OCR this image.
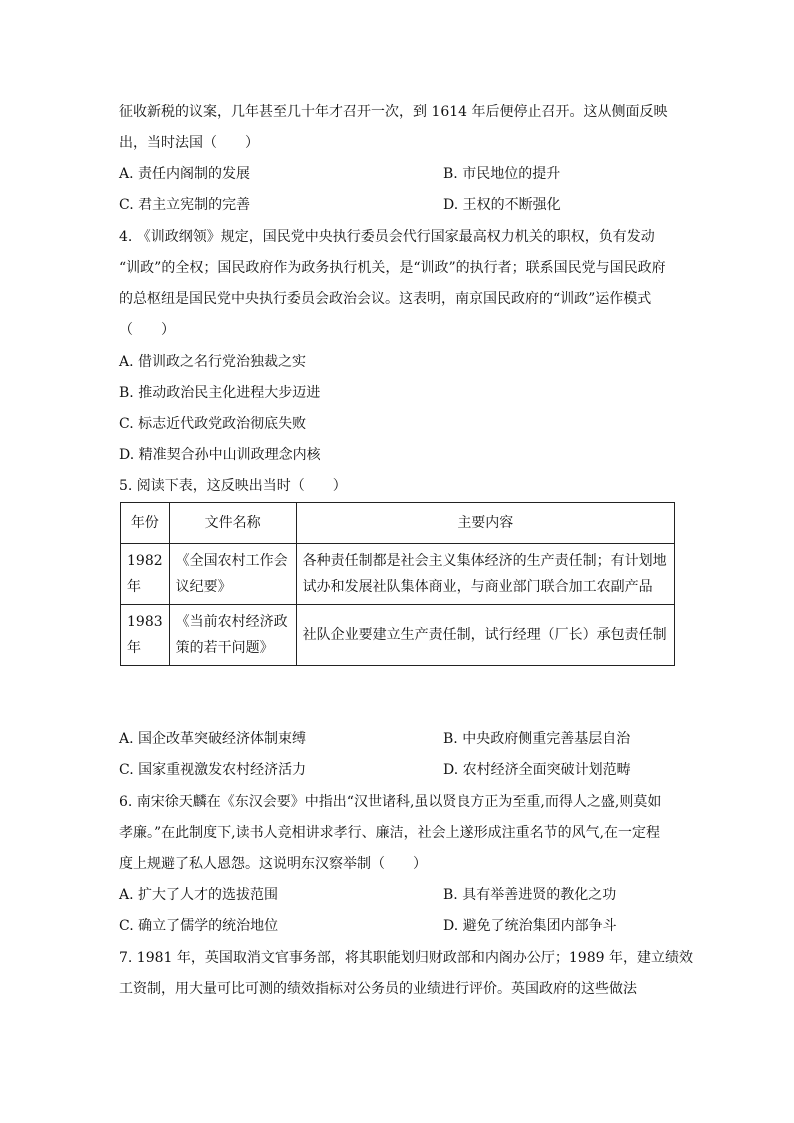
征收新税的议案，几年甚至几十年才召开一次，到 1614 年后便停止召开。这从侧面反映
出，当时法国（　　）
A. 责任内阁制的发展	B. 市民地位的提升
C. 君主立宪制的完善	D. 王权的不断强化
4. 《训政纲领》规定，国民党中央执行委员会代行国家最高权力机关的职权，负有发动
“训政”的全权；国民政府作为政务执行机关，是“训政”的执行者；联系国民党与国民政府
的总枢纽是国民党中央执行委员会政治会议。这表明，南京国民政府的“训政”运作模式
（　　）
A. 借训政之名行党治独裁之实
B. 推动政治民主化进程大步迈进
C. 标志近代政党政治彻底失败
D. 精准契合孙中山训政理念内核
5. 阅读下表，这反映出当时（　　）
年份	文件名称	主要内容
1982 年	《全国农村工作会议纪要》	各种责任制都是社会主义集体经济的生产责任制；有计划地试办和发展社队集体商业，与商业部门联合加工农副产品
1983 年	《当前农村经济政策的若干问题》	社队企业要建立生产责任制，试行经理（厂长）承包责任制
A. 国企改革突破经济体制束缚	B. 中央政府侧重完善基层自治
C. 国家重视激发农村经济活力	D. 农村经济全面突破计划范畴
6. 南宋徐天麟在《东汉会要》中指出“汉世诸科,虽以贤良方正为至重,而得人之盛,则莫如
孝廉。”在此制度下,读书人竞相讲求孝行、廉洁，社会上遂形成注重名节的风气,在一定程
度上规避了私人恩怨。这说明东汉察举制（　　）
A. 扩大了人才的选拔范围	B. 具有举善进贤的教化之功
C. 确立了儒学的统治地位	D. 避免了统治集团内部争斗
7. 1981 年，英国取消文官事务部，将其职能划归财政部和内阁办公厅；1989 年，建立绩效
工资制，用大量可比可测的绩效指标对公务员的业绩进行评价。英国政府的这些做法
